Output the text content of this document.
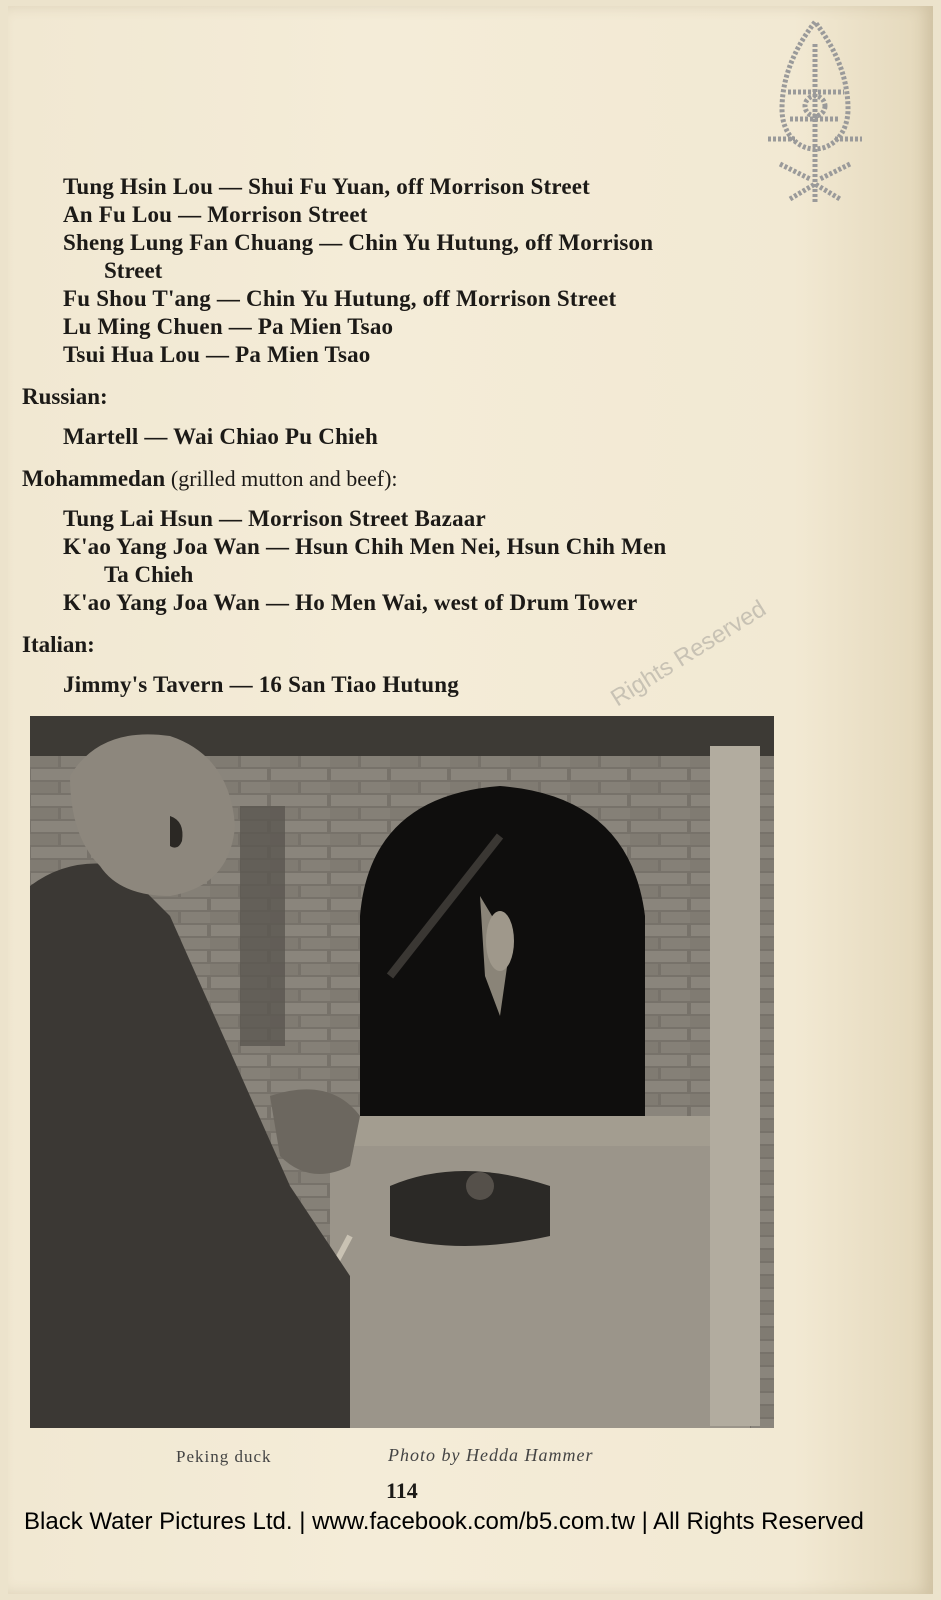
Tung Hsin Lou — Shui Fu Yuan, off Morrison Street
An Fu Lou — Morrison Street
Sheng Lung Fan Chuang — Chin Yu Hutung, off Morrison
Street
Fu Shou T'ang — Chin Yu Hutung, off Morrison Street
Lu Ming Chuen — Pa Mien Tsao
Tsui Hua Lou — Pa Mien Tsao
Russian:
Martell — Wai Chiao Pu Chieh
Mohammedan (grilled mutton and beef):
Tung Lai Hsun — Morrison Street Bazaar
K'ao Yang Joa Wan — Hsun Chih Men Nei, Hsun Chih Men
Ta Chieh
K'ao Yang Joa Wan — Ho Men Wai, west of Drum Tower
Italian:
Jimmy's Tavern — 16 San Tiao Hutung	Rights Reserved
Peking duck	Photo by Hedda Hammer
114
Black Water Pictures Ltd. | www.facebook.com/b5.com.tw | All Rights Reserved
